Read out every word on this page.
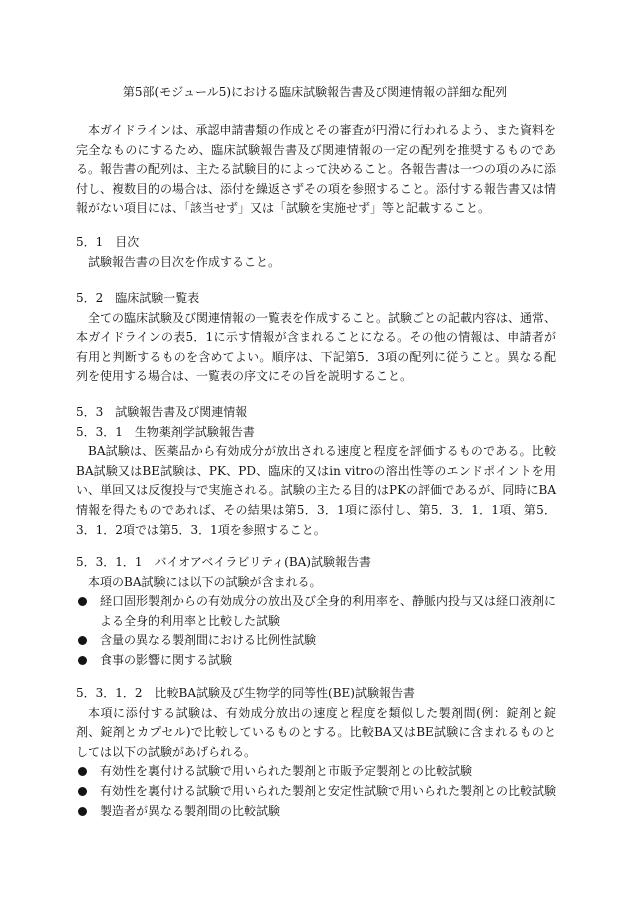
第5部(モジュール5)における臨床試験報告書及び関連情報の詳細な配列

本ガイドラインは、承認申請書類の作成とその審査が円滑に行われるよう、また資料を完全なものにするため、臨床試験報告書及び関連情報の一定の配列を推奨するものである。報告書の配列は、主たる試験目的によって決めること。各報告書は一つの項のみに添付し、複数目的の場合は、添付を繰返さずその項を参照すること。添付する報告書又は情報がない項目には、「該当せず」又は「試験を実施せず」等と記載すること。

5．1　目次

試験報告書の目次を作成すること。

5．2　臨床試験一覧表

全ての臨床試験及び関連情報の一覧表を作成すること。試験ごとの記載内容は、通常、本ガイドラインの表5．1に示す情報が含まれることになる。その他の情報は、申請者が有用と判断するものを含めてよい。順序は、下記第5．3項の配列に従うこと。異なる配列を使用する場合は、一覧表の序文にその旨を説明すること。

5．3　試験報告書及び関連情報

5．3．1　生物薬剤学試験報告書

BA試験は、医薬品から有効成分が放出される速度と程度を評価するものである。比較BA試験又はBE試験は、PK、PD、臨床的又はin vitroの溶出性等のエンドポイントを用い、単回又は反復投与で実施される。試験の主たる目的はPKの評価であるが、同時にBA情報を得たものであれば、その結果は第5．3．1項に添付し、第5．3．1．1項、第5．3．1．2項では第5．3．1項を参照すること。

5．3．1．1　バイオアベイラビリティ(BA)試験報告書

本項のBA試験には以下の試験が含まれる。

経口固形製剤からの有効成分の放出及び全身的利用率を、静脈内投与又は経口液剤による全身的利用率と比較した試験
含量の異なる製剤間における比例性試験
食事の影響に関する試験

5．3．1．2　比較BA試験及び生物学的同等性(BE)試験報告書

本項に添付する試験は、有効成分放出の速度と程度を類似した製剤間(例：錠剤と錠剤、錠剤とカプセル)で比較しているものとする。比較BA又はBE試験に含まれるものとしては以下の試験があげられる。

有効性を裏付ける試験で用いられた製剤と市販予定製剤との比較試験
有効性を裏付ける試験で用いられた製剤と安定性試験で用いられた製剤との比較試験
製造者が異なる製剤間の比較試験
